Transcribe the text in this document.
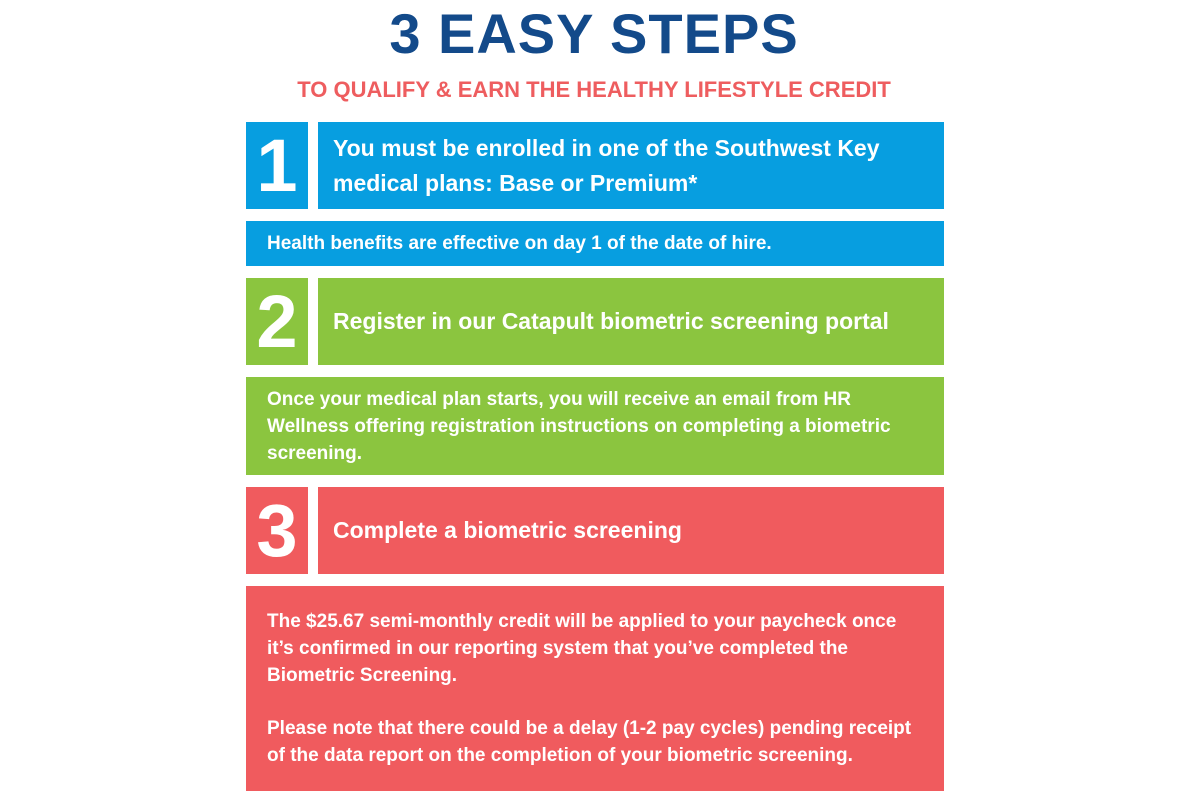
3 EASY STEPS
TO QUALIFY & EARN THE HEALTHY LIFESTYLE CREDIT
1 You must be enrolled in one of the Southwest Key medical plans: Base or Premium*

Health benefits are effective on day 1 of the date of hire.

2 Register in our Catapult biometric screening portal

Once your medical plan starts, you will receive an email from HR Wellness offering registration instructions on completing a biometric screening.

3 Complete a biometric screening

The $25.67 semi-monthly credit will be applied to your paycheck once it’s confirmed in our reporting system that you’ve completed the Biometric Screening.

Please note that there could be a delay (1-2 pay cycles) pending receipt of the data report on the completion of your biometric screening.
